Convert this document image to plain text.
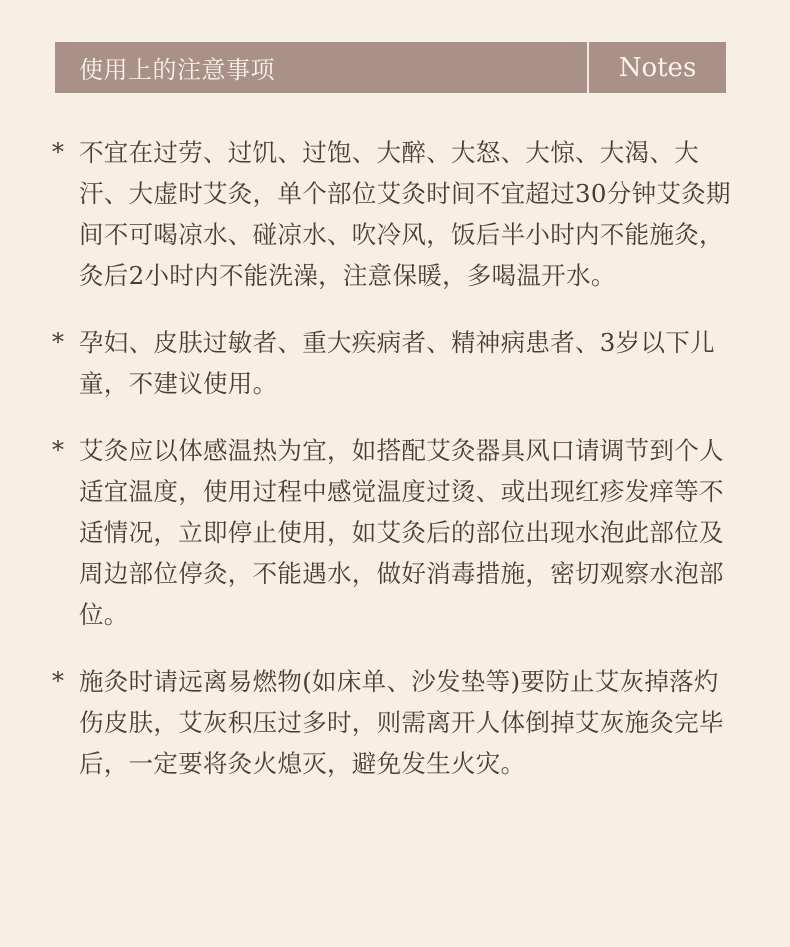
使用上的注意事项	Notes
* 不宜在过劳、过饥、过饱、大醉、大怒、大惊、大渴、大汗、大虚时艾灸，单个部位艾灸时间不宜超过30分钟艾灸期间不可喝凉水、碰凉水、吹冷风，饭后半小时内不能施灸，灸后2小时内不能洗澡，注意保暖，多喝温开水。
* 孕妇、皮肤过敏者、重大疾病者、精神病患者、3岁以下儿童，不建议使用。
* 艾灸应以体感温热为宜，如搭配艾灸器具风口请调节到个人适宜温度，使用过程中感觉温度过烫、或出现红疹发痒等不适情况，立即停止使用，如艾灸后的部位出现水泡此部位及周边部位停灸，不能遇水，做好消毒措施，密切观察水泡部位。
* 施灸时请远离易燃物(如床单、沙发垫等)要防止艾灰掉落灼伤皮肤，艾灰积压过多时，则需离开人体倒掉艾灰施灸完毕后，一定要将灸火熄灭，避免发生火灾。
